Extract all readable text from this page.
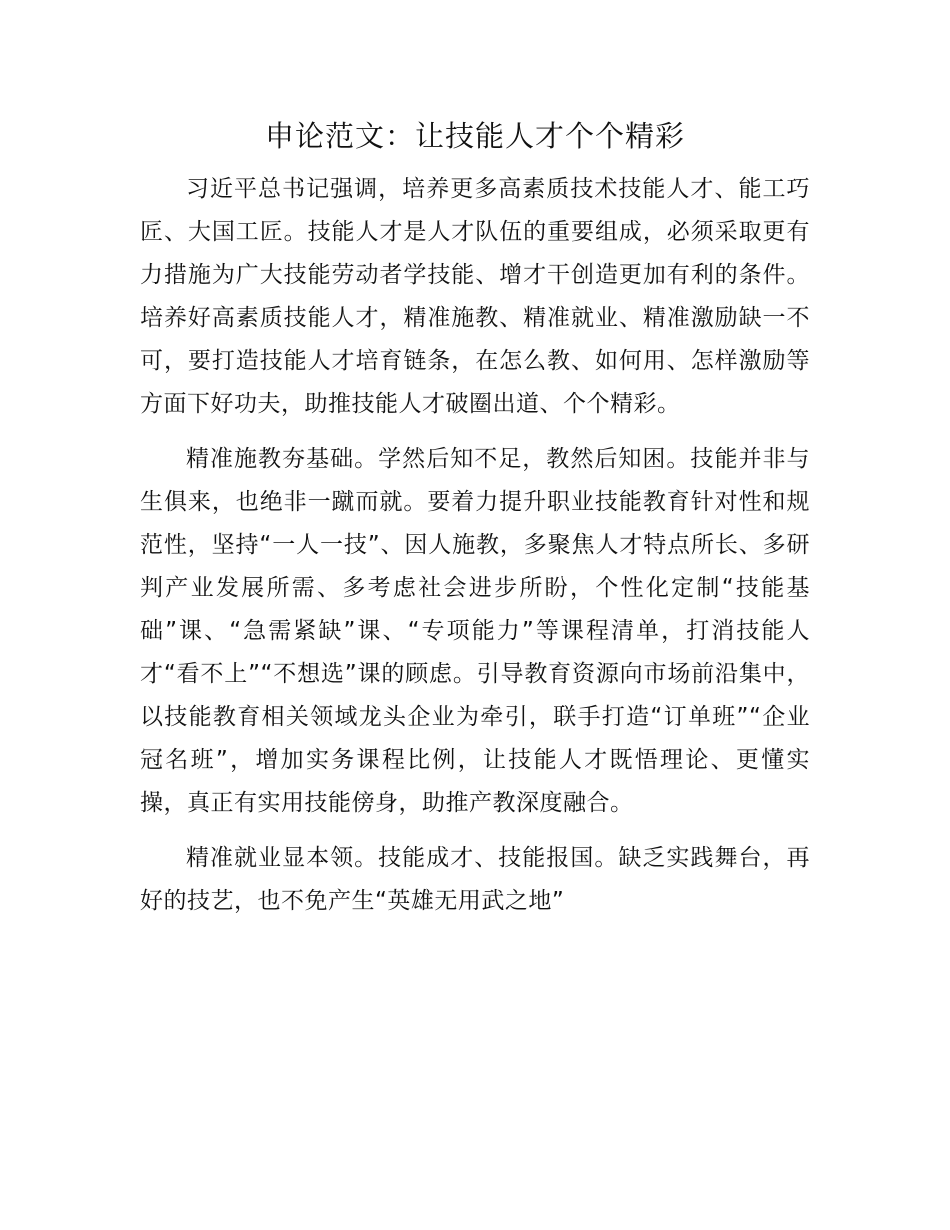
申论范文：让技能人才个个精彩

习近平总书记强调，培养更多高素质技术技能人才、能工巧匠、大国工匠。技能人才是人才队伍的重要组成，必须采取更有力措施为广大技能劳动者学技能、增才干创造更加有利的条件。培养好高素质技能人才，精准施教、精准就业、精准激励缺一不可，要打造技能人才培育链条，在怎么教、如何用、怎样激励等方面下好功夫，助推技能人才破圈出道、个个精彩。

精准施教夯基础。学然后知不足，教然后知困。技能并非与生俱来，也绝非一蹴而就。要着力提升职业技能教育针对性和规范性，坚持“一人一技”、因人施教，多聚焦人才特点所长、多研判产业发展所需、多考虑社会进步所盼，个性化定制“技能基础”课、“急需紧缺”课、“专项能力”等课程清单，打消技能人才“看不上”“不想选”课的顾虑。引导教育资源向市场前沿集中，以技能教育相关领域龙头企业为牵引，联手打造“订单班”“企业冠名班”，增加实务课程比例，让技能人才既悟理论、更懂实操，真正有实用技能傍身，助推产教深度融合。

精准就业显本领。技能成才、技能报国。缺乏实践舞台，再好的技艺，也不免产生“英雄无用武之地”
